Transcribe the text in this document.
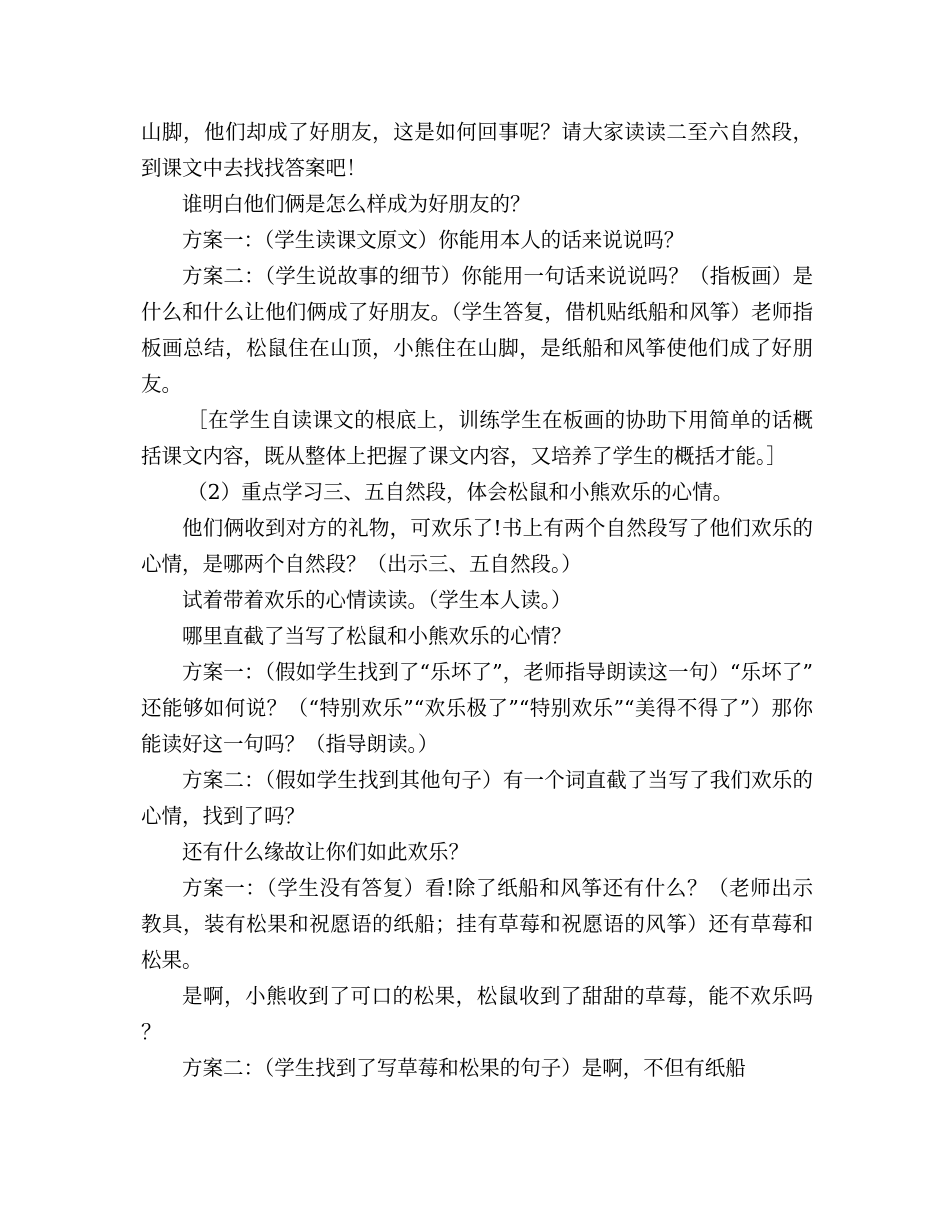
山脚，他们却成了好朋友，这是如何回事呢？请大家读读二至六自然段，到课文中去找找答案吧！

谁明白他们俩是怎么样成为好朋友的？

方案一：（学生读课文原文）你能用本人的话来说说吗？

方案二：（学生说故事的细节）你能用一句话来说说吗？（指板画）是什么和什么让他们俩成了好朋友。（学生答复，借机贴纸船和风筝）老师指板画总结，松鼠住在山顶，小熊住在山脚，是纸船和风筝使他们成了好朋友。

［在学生自读课文的根底上，训练学生在板画的协助下用简单的话概括课文内容，既从整体上把握了课文内容，又培养了学生的概括才能。］

（2）重点学习三、五自然段，体会松鼠和小熊欢乐的心情。

他们俩收到对方的礼物，可欢乐了!书上有两个自然段写了他们欢乐的心情，是哪两个自然段？（出示三、五自然段。）

试着带着欢乐的心情读读。（学生本人读。）

哪里直截了当写了松鼠和小熊欢乐的心情？

方案一：（假如学生找到了“乐坏了”，老师指导朗读这一句）“乐坏了”还能够如何说？（“特别欢乐”“欢乐极了”“特别欢乐”“美得不得了”）那你能读好这一句吗？（指导朗读。）

方案二：（假如学生找到其他句子）有一个词直截了当写了我们欢乐的心情，找到了吗？

还有什么缘故让你们如此欢乐？

方案一：（学生没有答复）看!除了纸船和风筝还有什么？（老师出示教具，装有松果和祝愿语的纸船；挂有草莓和祝愿语的风筝）还有草莓和松果。

是啊，小熊收到了可口的松果，松鼠收到了甜甜的草莓，能不欢乐吗？

方案二：（学生找到了写草莓和松果的句子）是啊，不但有纸船
